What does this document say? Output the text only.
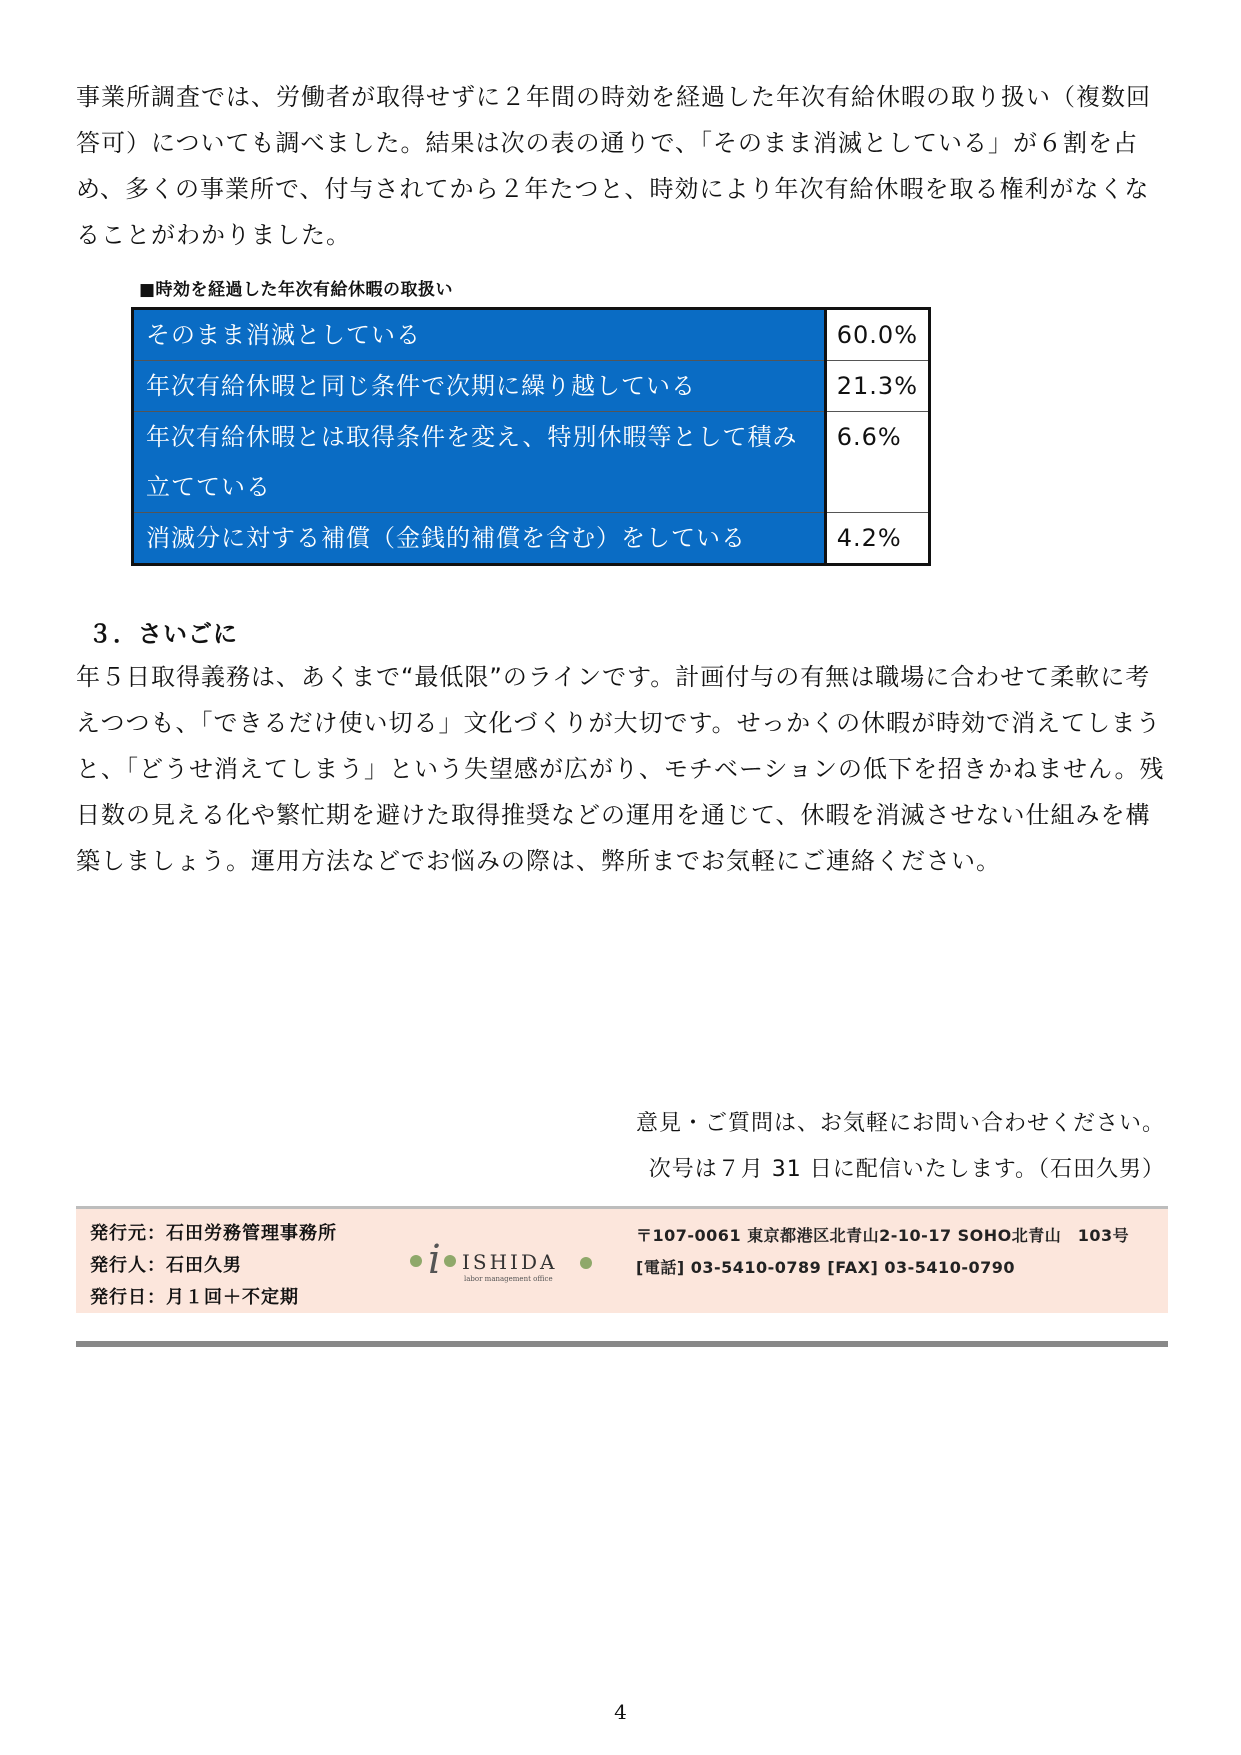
事業所調査では、労働者が取得せずに２年間の時効を経過した年次有給休暇の取り扱い（複数回答可）についても調べました。結果は次の表の通りで、「そのまま消滅としている」が６割を占め、多くの事業所で、付与されてから２年たつと、時効により年次有給休暇を取る権利がなくなることがわかりました。

■時効を経過した年次有給休暇の取扱い
そのまま消滅としている	60.0%
年次有給休暇と同じ条件で次期に繰り越している	21.3%
年次有給休暇とは取得条件を変え、特別休暇等として積み立てている	6.6%
消滅分に対する補償（金銭的補償を含む）をしている	4.2%
３．さいごに

年５日取得義務は、あくまで“最低限”のラインです。計画付与の有無は職場に合わせて柔軟に考えつつも、「できるだけ使い切る」文化づくりが大切です。せっかくの休暇が時効で消えてしまうと、「どうせ消えてしまう」という失望感が広がり、モチベーションの低下を招きかねません。残日数の見える化や繁忙期を避けた取得推奨などの運用を通じて、休暇を消滅させない仕組みを構築しましょう。運用方法などでお悩みの際は、弊所までお気軽にご連絡ください。

意見・ご質問は、お気軽にお問い合わせください。
次号は７月 31 日に配信いたします。（石田久男）
発行元：石田労務管理事務所
発行人：石田久男
発行日：月１回＋不定期
i ISHIDA
labor management office
〒107-0061 東京都港区北青山2-10-17 SOHO北青山　103号
[電話] 03-5410-0789 [FAX] 03-5410-0790
4
